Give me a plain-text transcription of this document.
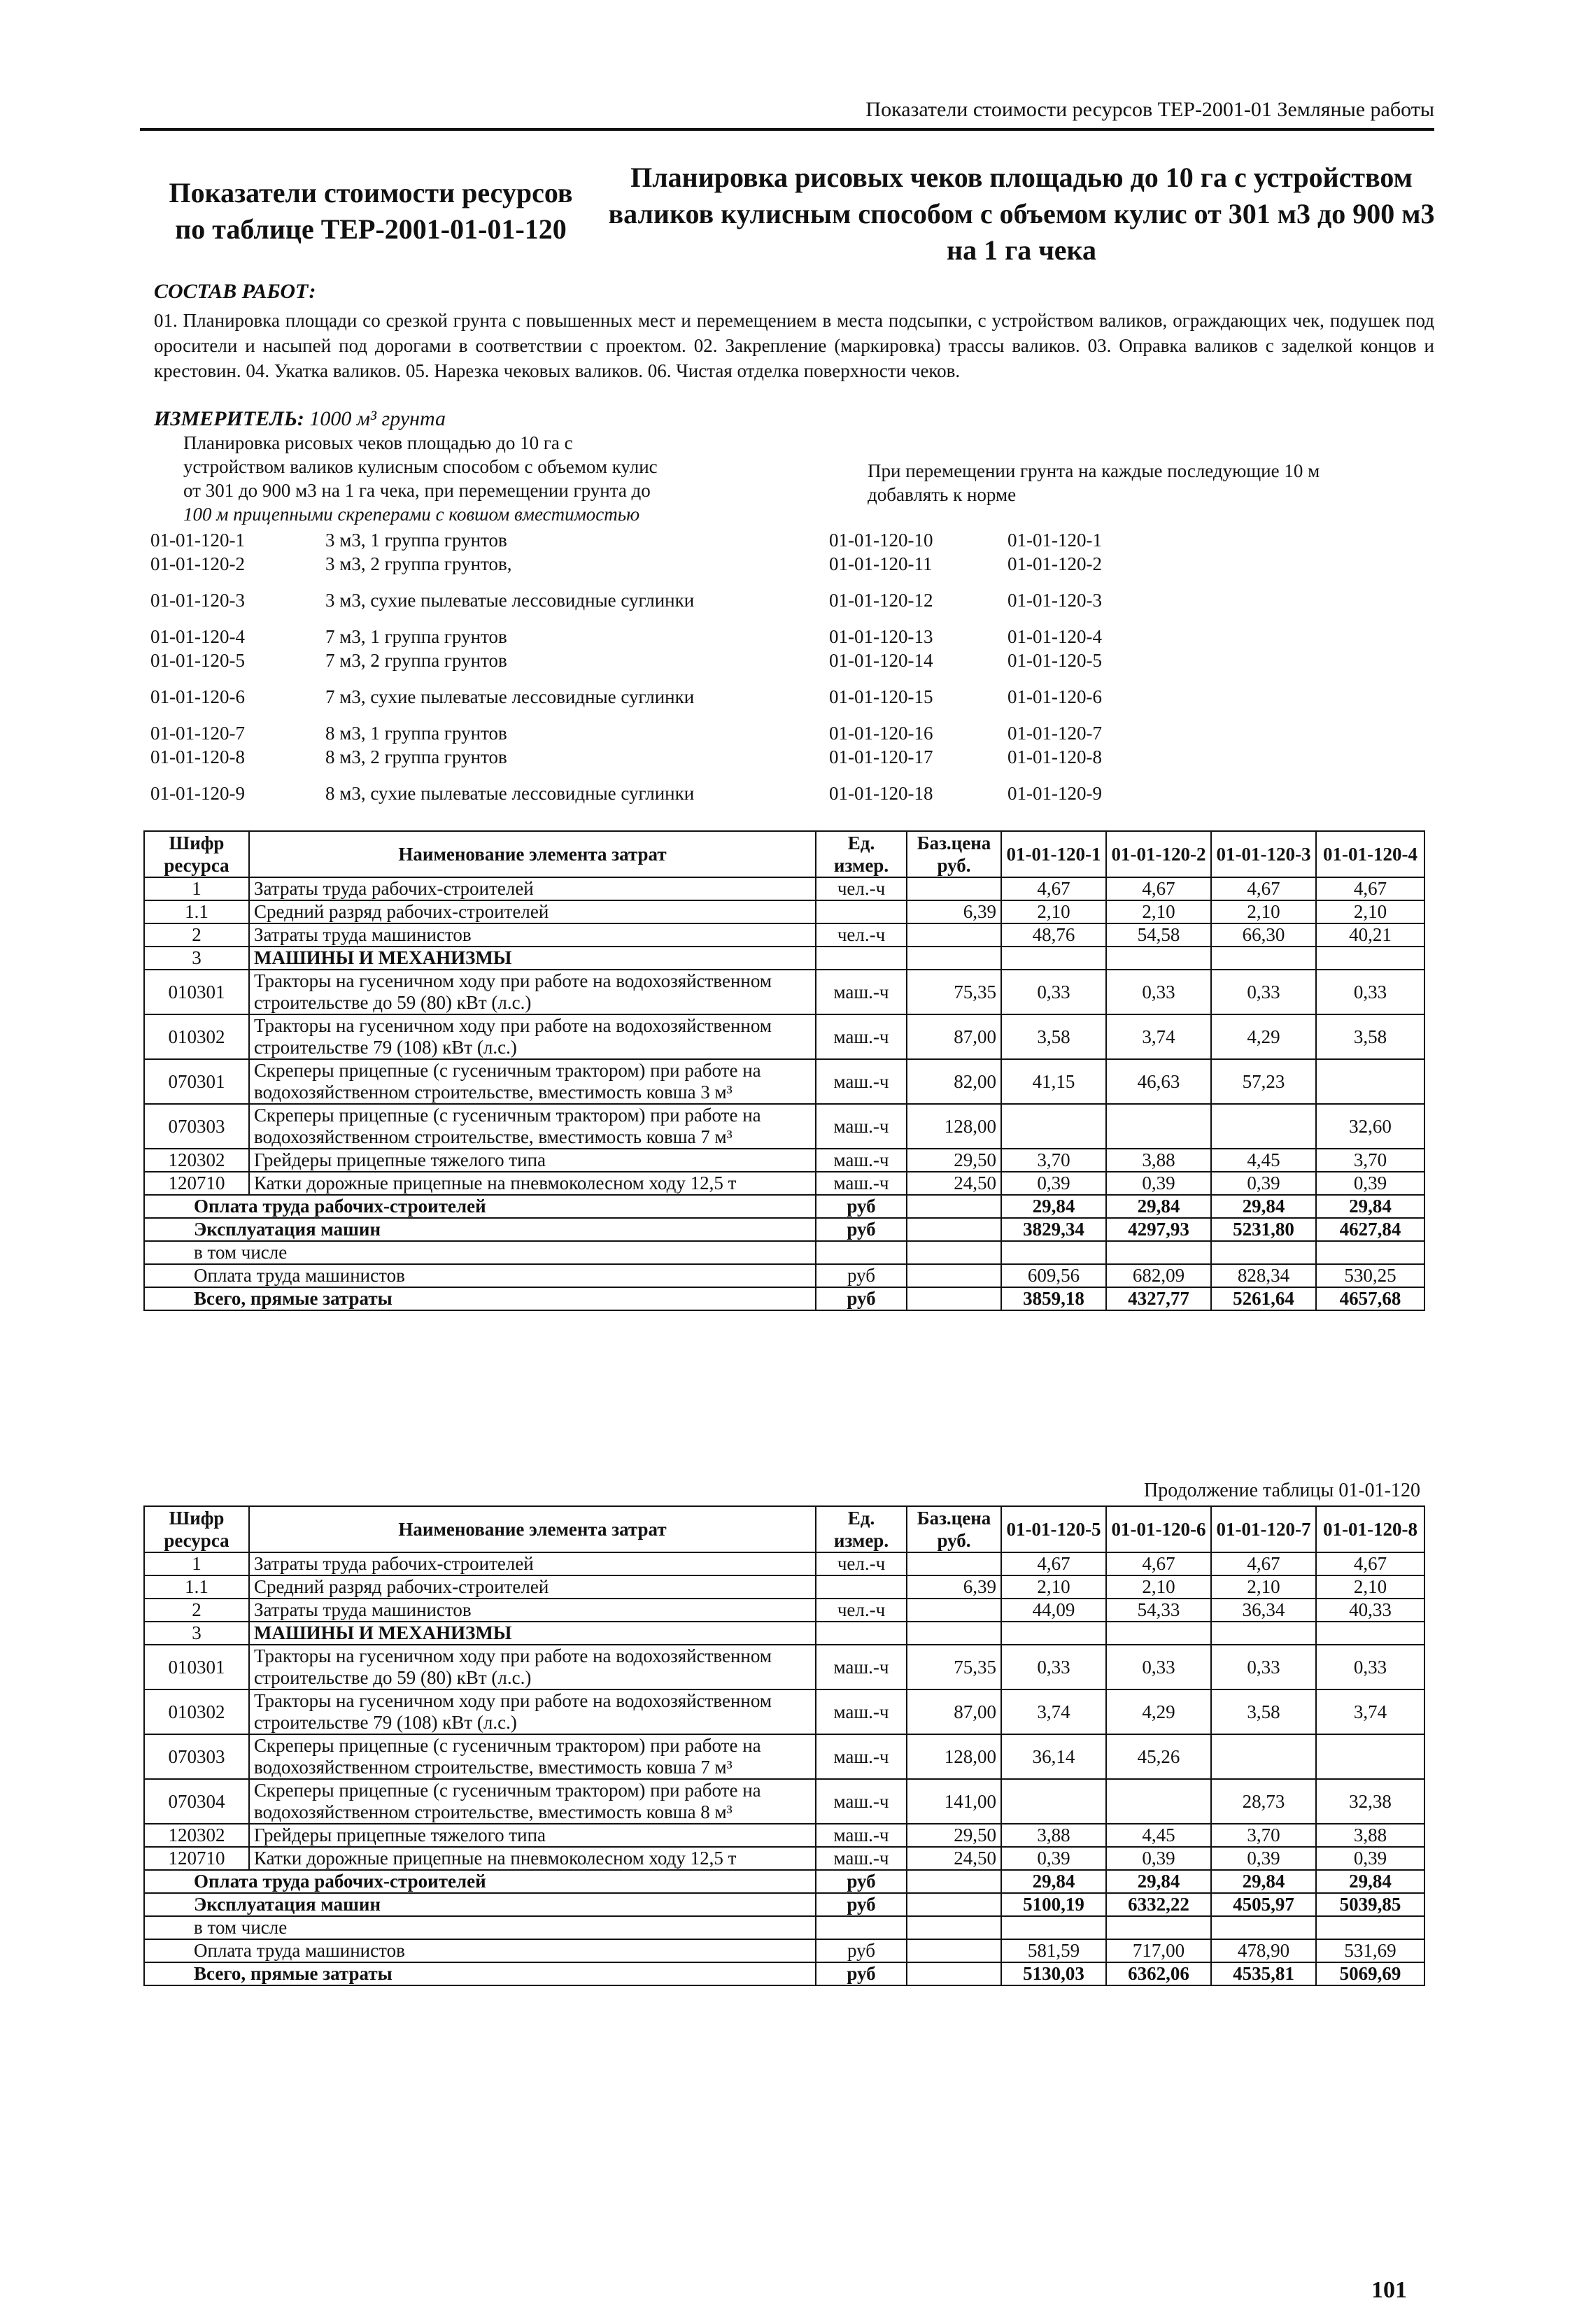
Показатели стоимости ресурсов ТЕР-2001-01 Земляные работы
Показатели стоимости ресурсов
по таблице ТЕР-2001-01-01-120
Планировка рисовых чеков площадью до 10 га с устройством
валиков кулисным способом с объемом кулис от 301 м3 до 900 м3
на 1 га чека
СОСТАВ РАБОТ:
01. Планировка площади со срезкой грунта с повышенных мест и перемещением в места подсыпки, с устройством валиков, ограждающих чек, подушек под оросители и насыпей под дорогами в соответствии с проектом. 02. Закрепление (маркировка) трассы валиков. 03. Оправка валиков с заделкой концов и крестовин. 04. Укатка валиков. 05. Нарезка чековых валиков. 06. Чистая отделка поверхности чеков.
ИЗМЕРИТЕЛЬ: 1000 м³ грунта
Планировка рисовых чеков площадью до 10 га с
устройством валиков кулисным способом с объемом кулис
от 301 до 900 м3 на 1 га чека, при перемещении грунта до
100 м прицепными скреперами с ковшом вместимостью
При перемещении грунта на каждые последующие 10 м
добавлять к норме
01-01-120-1	3 м3, 1 группа грунтов	01-01-120-10	01-01-120-1
01-01-120-2	3 м3, 2 группа грунтов,	01-01-120-11	01-01-120-2
01-01-120-3	3 м3, сухие пылеватые лессовидные суглинки	01-01-120-12	01-01-120-3
01-01-120-4	7 м3, 1 группа грунтов	01-01-120-13	01-01-120-4
01-01-120-5	7 м3, 2 группа грунтов	01-01-120-14	01-01-120-5
01-01-120-6	7 м3, сухие пылеватые лессовидные суглинки	01-01-120-15	01-01-120-6
01-01-120-7	8 м3, 1 группа грунтов	01-01-120-16	01-01-120-7
01-01-120-8	8 м3, 2 группа грунтов	01-01-120-17	01-01-120-8
01-01-120-9	8 м3, сухие пылеватые лессовидные суглинки	01-01-120-18	01-01-120-9
Шифр ресурса	Наименование элемента затрат	Ед. измер.	Баз.цена руб.	01-01-120-1	01-01-120-2	01-01-120-3	01-01-120-4
1	Затраты труда рабочих-строителей	чел.-ч		4,67	4,67	4,67	4,67
1.1	Средний разряд рабочих-строителей		6,39	2,10	2,10	2,10	2,10
2	Затраты труда машинистов	чел.-ч		48,76	54,58	66,30	40,21
3	МАШИНЫ И МЕХАНИЗМЫ						
010301	Тракторы на гусеничном ходу при работе на водохозяйственном строительстве до 59 (80) кВт (л.с.)	маш.-ч	75,35	0,33	0,33	0,33	0,33
010302	Тракторы на гусеничном ходу при работе на водохозяйственном строительстве 79 (108) кВт (л.с.)	маш.-ч	87,00	3,58	3,74	4,29	3,58
070301	Скреперы прицепные (с гусеничным трактором) при работе на водохозяйственном строительстве, вместимость ковша 3 м³	маш.-ч	82,00	41,15	46,63	57,23	
070303	Скреперы прицепные (с гусеничным трактором) при работе на водохозяйственном строительстве, вместимость ковша 7 м³	маш.-ч	128,00				32,60
120302	Грейдеры прицепные тяжелого типа	маш.-ч	29,50	3,70	3,88	4,45	3,70
120710	Катки дорожные прицепные на пневмоколесном ходу 12,5 т	маш.-ч	24,50	0,39	0,39	0,39	0,39
Оплата труда рабочих-строителей		руб		29,84	29,84	29,84	29,84
Эксплуатация машин		руб		3829,34	4297,93	5231,80	4627,84
в том числе							
Оплата труда машинистов		руб		609,56	682,09	828,34	530,25
Всего, прямые затраты		руб		3859,18	4327,77	5261,64	4657,68
Продолжение таблицы 01-01-120
Шифр ресурса	Наименование элемента затрат	Ед. измер.	Баз.цена руб.	01-01-120-5	01-01-120-6	01-01-120-7	01-01-120-8
1	Затраты труда рабочих-строителей	чел.-ч		4,67	4,67	4,67	4,67
1.1	Средний разряд рабочих-строителей		6,39	2,10	2,10	2,10	2,10
2	Затраты труда машинистов	чел.-ч		44,09	54,33	36,34	40,33
3	МАШИНЫ И МЕХАНИЗМЫ						
010301	Тракторы на гусеничном ходу при работе на водохозяйственном строительстве до 59 (80) кВт (л.с.)	маш.-ч	75,35	0,33	0,33	0,33	0,33
010302	Тракторы на гусеничном ходу при работе на водохозяйственном строительстве 79 (108) кВт (л.с.)	маш.-ч	87,00	3,74	4,29	3,58	3,74
070303	Скреперы прицепные (с гусеничным трактором) при работе на водохозяйственном строительстве, вместимость ковша 7 м³	маш.-ч	128,00	36,14	45,26		
070304	Скреперы прицепные (с гусеничным трактором) при работе на водохозяйственном строительстве, вместимость ковша 8 м³	маш.-ч	141,00			28,73	32,38
120302	Грейдеры прицепные тяжелого типа	маш.-ч	29,50	3,88	4,45	3,70	3,88
120710	Катки дорожные прицепные на пневмоколесном ходу 12,5 т	маш.-ч	24,50	0,39	0,39	0,39	0,39
Оплата труда рабочих-строителей		руб		29,84	29,84	29,84	29,84
Эксплуатация машин		руб		5100,19	6332,22	4505,97	5039,85
в том числе							
Оплата труда машинистов		руб		581,59	717,00	478,90	531,69
Всего, прямые затраты		руб		5130,03	6362,06	4535,81	5069,69
101
